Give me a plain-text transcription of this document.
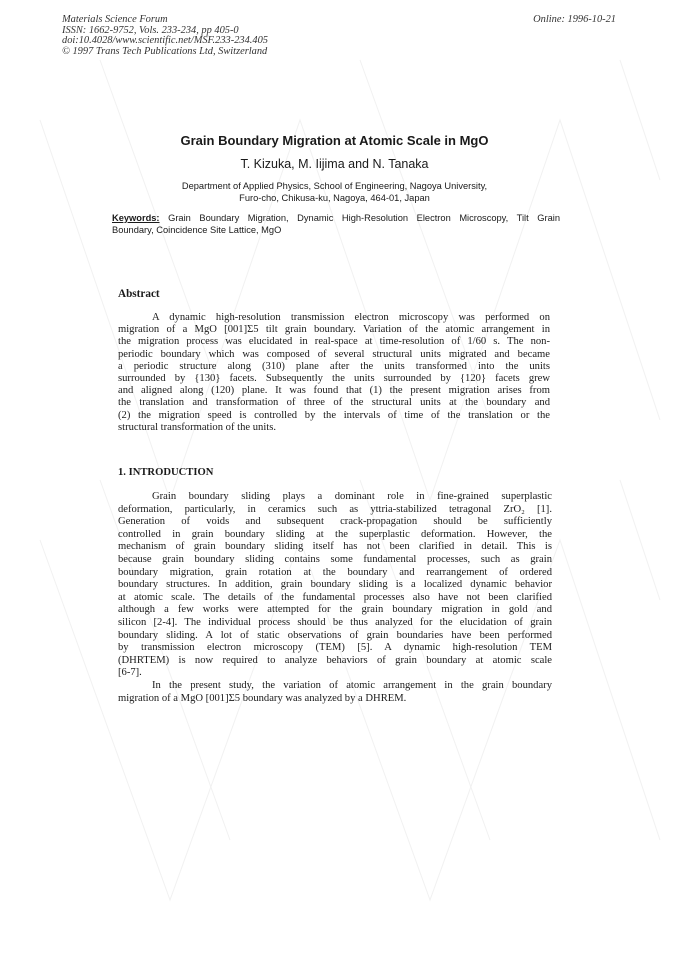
Materials Science Forum
ISSN: 1662-9752, Vols. 233-234, pp 405-0
doi:10.4028/www.scientific.net/MSF.233-234.405
© 1997 Trans Tech Publications Ltd, Switzerland
Online: 1996-10-21
Grain Boundary Migration at Atomic Scale in MgO
T. Kizuka, M. Iijima and N. Tanaka
Department of Applied Physics, School of Engineering, Nagoya University,
Furo-cho, Chikusa-ku, Nagoya, 464-01, Japan
Keywords: Grain Boundary Migration, Dynamic High-Resolution Electron Microscopy, Tilt Grain
Boundary, Coincidence Site Lattice, MgO
Abstract
A dynamic high-resolution transmission electron microscopy was performed on
migration of a MgO [001]Σ5 tilt grain boundary. Variation of the atomic arrangement in
the migration process was elucidated in real-space at time-resolution of 1/60 s. The non-
periodic boundary which was composed of several structural units migrated and became
a periodic structure along (310) plane after the units transformed into the units
surrounded by {130} facets. Subsequently the units surrounded by {120} facets grew
and aligned along (120) plane. It was found that (1) the present migration arises from
the translation and transformation of three of the structural units at the boundary and
(2) the migration speed is controlled by the intervals of time of the translation or the
structural transformation of the units.
1. INTRODUCTION
Grain boundary sliding plays a dominant role in fine-grained superplastic
deformation, particularly, in ceramics such as yttria-stabilized tetragonal ZrO₂ [1].
Generation of voids and subsequent crack-propagation should be sufficiently
controlled in grain boundary sliding at the superplastic deformation. However, the
mechanism of grain boundary sliding itself has not been clarified in detail. This is
because grain boundary sliding contains some fundamental processes, such as grain
boundary migration, grain rotation at the boundary and rearrangement of ordered
boundary structures. In addition, grain boundary sliding is a localized dynamic behavior
at atomic scale. The details of the fundamental processes also have not been clarified
although a few works were attempted for the grain boundary migration in gold and
silicon [2-4]. The individual process should be thus analyzed for the elucidation of grain
boundary sliding. A lot of static observations of grain boundaries have been performed
by transmission electron microscopy (TEM) [5]. A dynamic high-resolution TEM
(DHRTEM) is now required to analyze behaviors of grain boundary at atomic scale
[6-7].
In the present study, the variation of atomic arrangement in the grain boundary
migration of a MgO [001]Σ5 boundary was analyzed by a DHREM.
